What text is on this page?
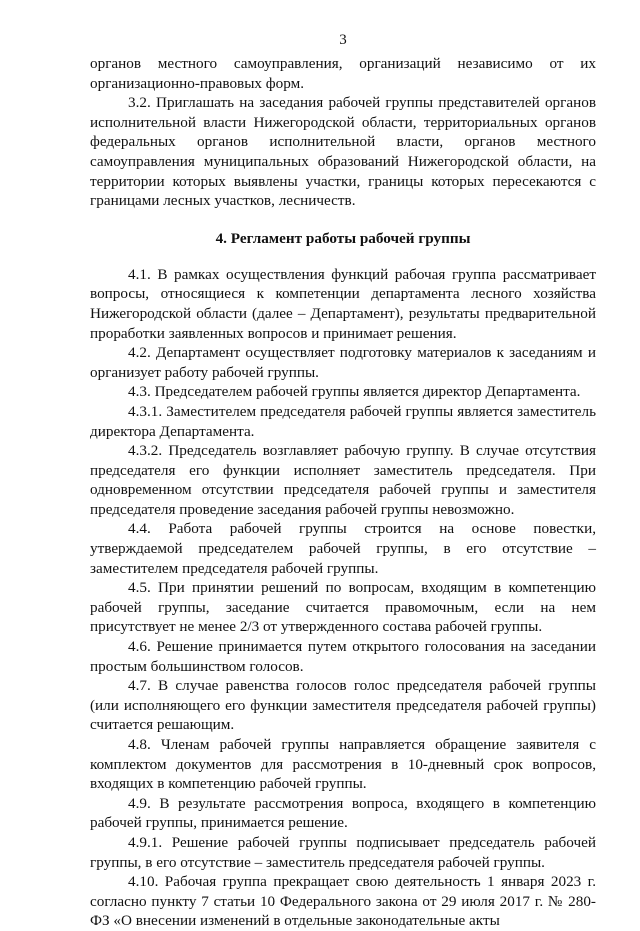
3

органов местного самоуправления, организаций независимо от их организационно-правовых форм.

3.2. Приглашать на заседания рабочей группы представителей органов исполнительной власти Нижегородской области, территориальных органов федеральных органов исполнительной власти, органов местного самоуправления муниципальных образований Нижегородской области, на территории которых выявлены участки, границы которых пересекаются с границами лесных участков, лесничеств.

4. Регламент работы рабочей группы

4.1. В рамках осуществления функций рабочая группа рассматривает вопросы, относящиеся к компетенции департамента лесного хозяйства Нижегородской области (далее – Департамент), результаты предварительной проработки заявленных вопросов и принимает решения.

4.2. Департамент осуществляет подготовку материалов к заседаниям и организует работу рабочей группы.

4.3. Председателем рабочей группы является директор Департамента.

4.3.1. Заместителем председателя рабочей группы является заместитель директора Департамента.

4.3.2. Председатель возглавляет рабочую группу. В случае отсутствия председателя его функции исполняет заместитель председателя. При одновременном отсутствии председателя рабочей группы и заместителя председателя проведение заседания рабочей группы невозможно.

4.4. Работа рабочей группы строится на основе повестки, утверждаемой председателем рабочей группы, в его отсутствие – заместителем председателя рабочей группы.

4.5. При принятии решений по вопросам, входящим в компетенцию рабочей группы, заседание считается правомочным, если на нем присутствует не менее 2/3 от утвержденного состава рабочей группы.

4.6. Решение принимается путем открытого голосования на заседании простым большинством голосов.

4.7. В случае равенства голосов голос председателя рабочей группы (или исполняющего его функции заместителя председателя рабочей группы) считается решающим.

4.8. Членам рабочей группы направляется обращение заявителя с комплектом документов для рассмотрения в 10-дневный срок вопросов, входящих в компетенцию рабочей группы.

4.9. В результате рассмотрения вопроса, входящего в компетенцию рабочей группы, принимается решение.

4.9.1. Решение рабочей группы подписывает председатель рабочей группы, в его отсутствие – заместитель председателя рабочей группы.

4.10. Рабочая группа прекращает свою деятельность 1 января 2023 г. согласно пункту 7 статьи 10 Федерального закона от 29 июля 2017 г. № 280-ФЗ «О внесении изменений в отдельные законодательные акты
